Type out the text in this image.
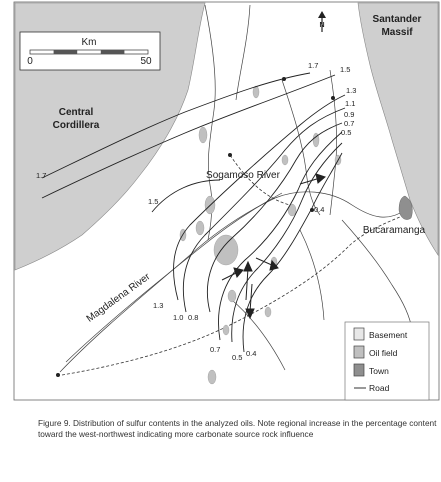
Km
0	50
N
Central
Cordillera
Santander
Massif
Sogamoso River
Magdalena River
Bucaramanga
1.7	1.5
1.3
1.1
0.9
0.7
0.5
1.7
1.5
0.4
1.3
1.0 0.8
0.7
0.5 0.4
Basement
Oil field
Town
Road
Figure 9. Distribution of sulfur contents in the analyzed oils. Note regional increase in the percentage content toward the west-northwest indicating more carbonate source rock influence
